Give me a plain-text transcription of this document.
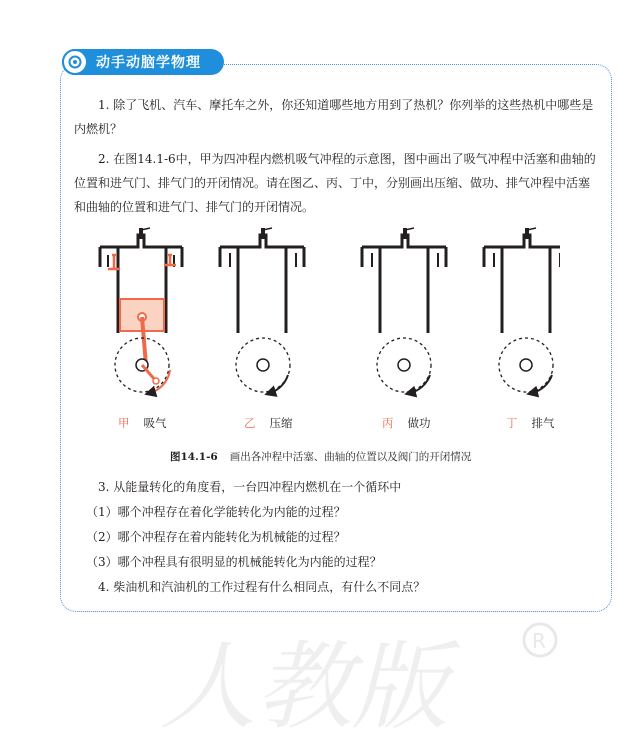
动手动脑学物理

1. 除了飞机、汽车、摩托车之外，你还知道哪些地方用到了热机？你列举的这些热机中哪些是内燃机？

2. 在图14.1-6中，甲为四冲程内燃机吸气冲程的示意图，图中画出了吸气冲程中活塞和曲轴的位置和进气门、排气门的开闭情况。请在图乙、丙、丁中，分别画出压缩、做功、排气冲程中活塞和曲轴的位置和进气门、排气门的开闭情况。

甲 吸气	乙 压缩	丙 做功	丁 排气
图14.1-6 画出各冲程中活塞、曲轴的位置以及阀门的开闭情况
3. 从能量转化的角度看，一台四冲程内燃机在一个循环中
（1）哪个冲程存在着化学能转化为内能的过程？
（2）哪个冲程存在着内能转化为机械能的过程？
（3）哪个冲程具有很明显的机械能转化为内能的过程？
4. 柴油机和汽油机的工作过程有什么相同点，有什么不同点？
人教版	R
